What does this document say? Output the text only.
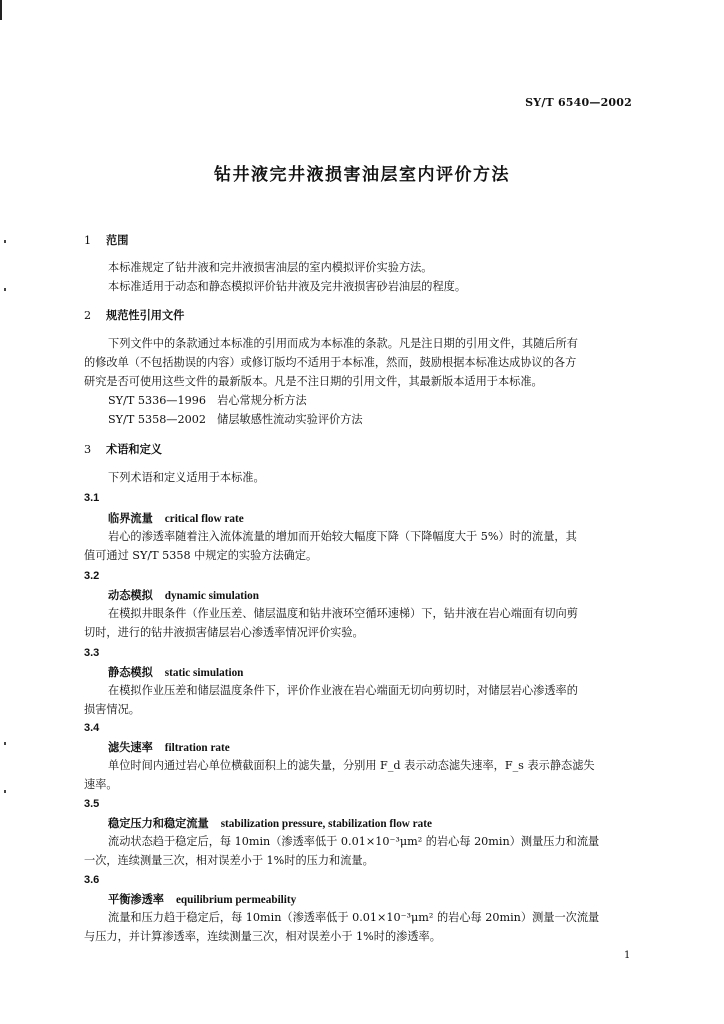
SY/T 6540—2002
钻井液完井液损害油层室内评价方法
1 范围
本标准规定了钻井液和完井液损害油层的室内模拟评价实验方法。
本标准适用于动态和静态模拟评价钻井液及完井液损害砂岩油层的程度。
2 规范性引用文件
下列文件中的条款通过本标准的引用而成为本标准的条款。凡是注日期的引用文件，其随后所有
的修改单（不包括勘误的内容）或修订版均不适用于本标准，然而，鼓励根据本标准达成协议的各方
研究是否可使用这些文件的最新版本。凡是不注日期的引用文件，其最新版本适用于本标准。
SY/T 5336—1996　岩心常规分析方法
SY/T 5358—2002　储层敏感性流动实验评价方法
3 术语和定义
下列术语和定义适用于本标准。
3.1
临界流量 critical flow rate
岩心的渗透率随着注入流体流量的增加而开始较大幅度下降（下降幅度大于 5%）时的流量，其
值可通过 SY/T 5358 中规定的实验方法确定。
3.2
动态模拟 dynamic simulation
在模拟井眼条件（作业压差、储层温度和钻井液环空循环速梯）下，钻井液在岩心端面有切向剪
切时，进行的钻井液损害储层岩心渗透率情况评价实验。
3.3
静态模拟 static simulation
在模拟作业压差和储层温度条件下，评价作业液在岩心端面无切向剪切时，对储层岩心渗透率的
损害情况。
3.4
滤失速率 filtration rate
单位时间内通过岩心单位横截面积上的滤失量，分别用 F_d 表示动态滤失速率，F_s 表示静态滤失
速率。
3.5
稳定压力和稳定流量 stabilization pressure, stabilization flow rate
流动状态趋于稳定后，每 10min（渗透率低于 0.01×10⁻³μm² 的岩心每 20min）测量压力和流量
一次，连续测量三次，相对误差小于 1%时的压力和流量。
3.6
平衡渗透率 equilibrium permeability
流量和压力趋于稳定后，每 10min（渗透率低于 0.01×10⁻³μm² 的岩心每 20min）测量一次流量
与压力，并计算渗透率，连续测量三次，相对误差小于 1%时的渗透率。
1
